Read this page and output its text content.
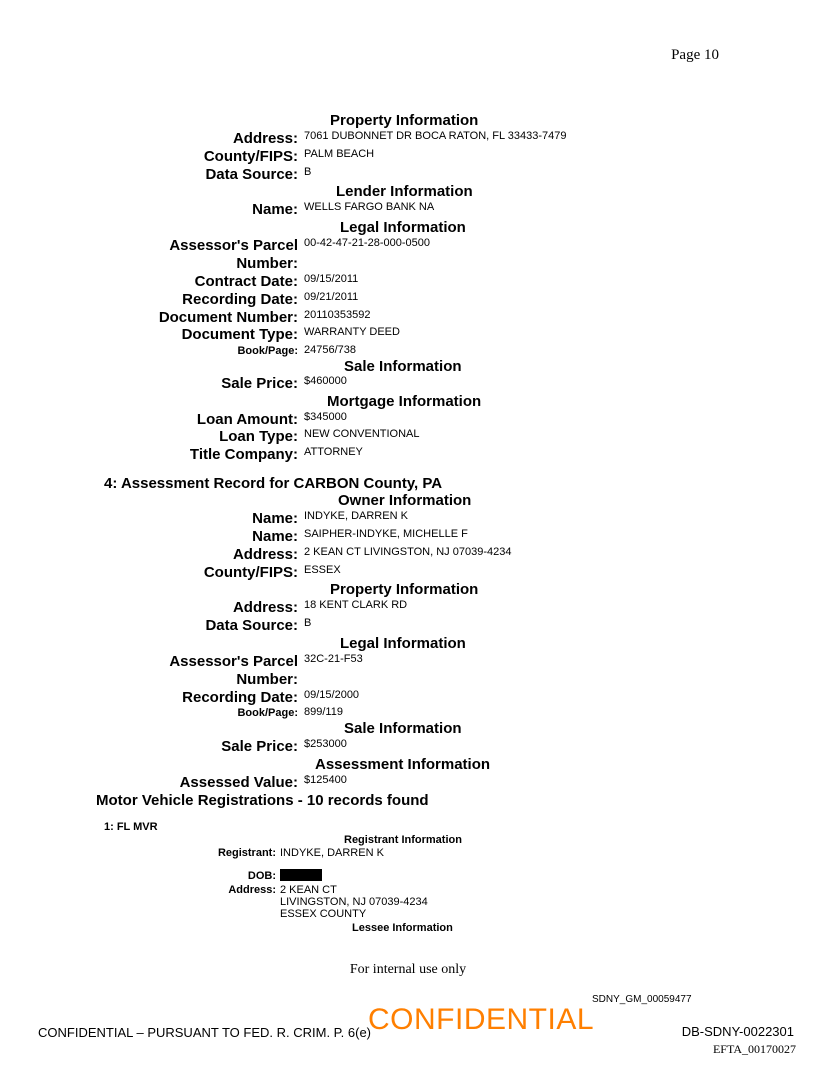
Page 10
Property Information
Address: 7061 DUBONNET DR BOCA RATON, FL 33433-7479
County/FIPS: PALM BEACH
Data Source: B
Lender Information
Name: WELLS FARGO BANK NA
Legal Information
Assessor's Parcel 00-42-47-21-28-000-0500
Number:
Contract Date: 09/15/2011
Recording Date: 09/21/2011
Document Number: 20110353592
Document Type: WARRANTY DEED
Book/Page: 24756/738
Sale Information
Sale Price: $460000
Mortgage Information
Loan Amount: $345000
Loan Type: NEW CONVENTIONAL
Title Company: ATTORNEY
4: Assessment Record for CARBON County, PA
Owner Information
Name: INDYKE, DARREN K
Name: SAIPHER-INDYKE, MICHELLE F
Address: 2 KEAN CT LIVINGSTON, NJ 07039-4234
County/FIPS: ESSEX
Property Information
Address: 18 KENT CLARK RD
Data Source: B
Legal Information
Assessor's Parcel 32C-21-F53
Number:
Recording Date: 09/15/2000
Book/Page: 899/119
Sale Information
Sale Price: $253000
Assessment Information
Assessed Value: $125400
Motor Vehicle Registrations - 10 records found
1: FL MVR
Registrant Information
Registrant: INDYKE, DARREN K
DOB:
Address: 2 KEAN CT
LIVINGSTON, NJ 07039-4234
ESSEX COUNTY
Lessee Information
For internal use only
SDNY_GM_00059477
CONFIDENTIAL – PURSUANT TO FED. R. CRIM. P. 6(e)
CONFIDENTIAL	DB-SDNY-0022301
EFTA_00170027
